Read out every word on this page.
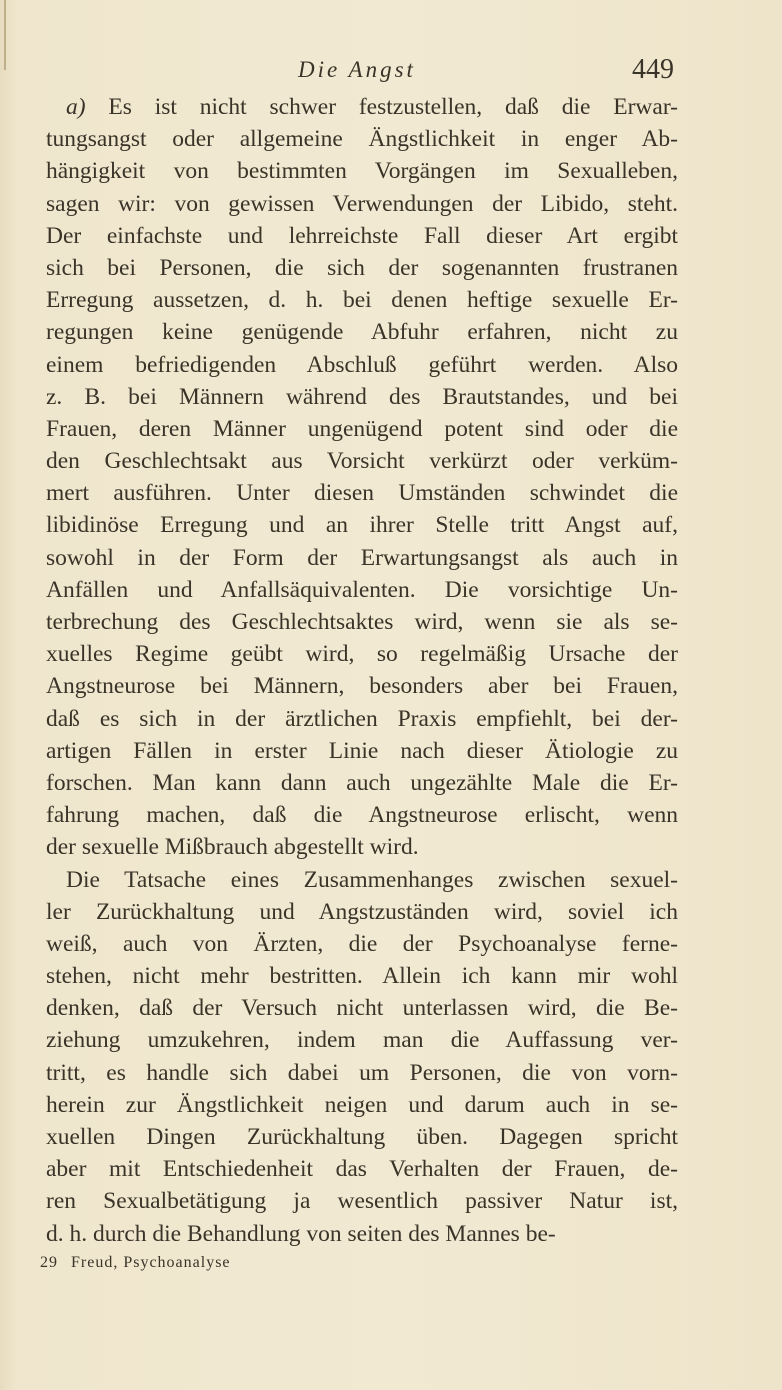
Die Angst	449
a) Es ist nicht schwer festzustellen, daß die Erwar-
tungsangst oder allgemeine Ängstlichkeit in enger Ab-
hängigkeit von bestimmten Vorgängen im Sexualleben,
sagen wir: von gewissen Verwendungen der Libido, steht.
Der einfachste und lehrreichste Fall dieser Art ergibt
sich bei Personen, die sich der sogenannten frustranen
Erregung aussetzen, d. h. bei denen heftige sexuelle Er-
regungen keine genügende Abfuhr erfahren, nicht zu
einem befriedigenden Abschluß geführt werden. Also
z. B. bei Männern während des Brautstandes, und bei
Frauen, deren Männer ungenügend potent sind oder die
den Geschlechtsakt aus Vorsicht verkürzt oder verküm-
mert ausführen. Unter diesen Umständen schwindet die
libidinöse Erregung und an ihrer Stelle tritt Angst auf,
sowohl in der Form der Erwartungsangst als auch in
Anfällen und Anfallsäquivalenten. Die vorsichtige Un-
terbrechung des Geschlechtsaktes wird, wenn sie als se-
xuelles Regime geübt wird, so regelmäßig Ursache der
Angstneurose bei Männern, besonders aber bei Frauen,
daß es sich in der ärztlichen Praxis empfiehlt, bei der-
artigen Fällen in erster Linie nach dieser Ätiologie zu
forschen. Man kann dann auch ungezählte Male die Er-
fahrung machen, daß die Angstneurose erlischt, wenn
der sexuelle Mißbrauch abgestellt wird.
Die Tatsache eines Zusammenhanges zwischen sexuel-
ler Zurückhaltung und Angstzuständen wird, soviel ich
weiß, auch von Ärzten, die der Psychoanalyse ferne-
stehen, nicht mehr bestritten. Allein ich kann mir wohl
denken, daß der Versuch nicht unterlassen wird, die Be-
ziehung umzukehren, indem man die Auffassung ver-
tritt, es handle sich dabei um Personen, die von vorn-
herein zur Ängstlichkeit neigen und darum auch in se-
xuellen Dingen Zurückhaltung üben. Dagegen spricht
aber mit Entschiedenheit das Verhalten der Frauen, de-
ren Sexualbetätigung ja wesentlich passiver Natur ist,
d. h. durch die Behandlung von seiten des Mannes be-
29 Freud, Psychoanalyse
